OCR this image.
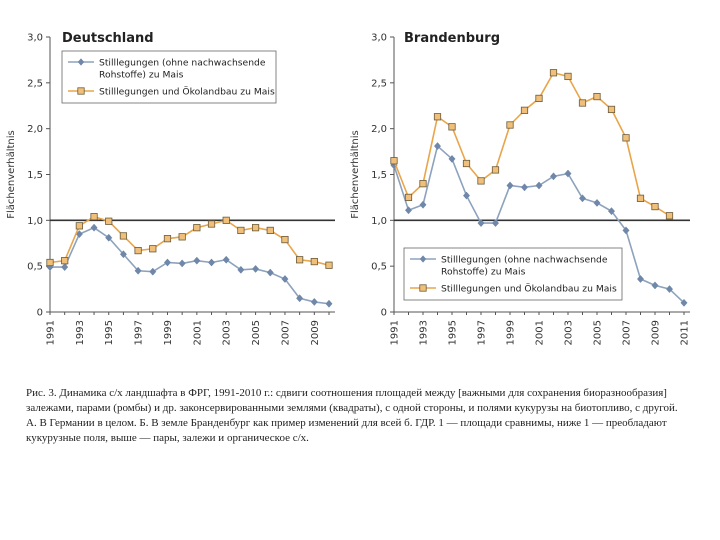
0
0,5
1,0
1,5
2,0
2,5
3,0
1991 1993 1995 1997 1999 2001 2003 2005 2007 2009
Deutschland
Flächenverhältnis
Stilllegungen (ohne nachwachsende Rohstoffe) zu Mais
Stilllegungen und Ökolandbau zu Mais
0
0,5
1,0
1,5
2,0
2,5
3,0
1991 1993 1995 1997 1999 2001 2003 2005 2007 2009 2011
Brandenburg
Flächenverhältnis
Stilllegungen (ohne nachwachsende Rohstoffe) zu Mais
Stilllegungen und Ökolandbau zu Mais

Рис. 3. Динамика с/х ландшафта в ФРГ, 1991-2010 г.: сдвиги соотношения площадей между [важными для сохранения биоразнообразия] залежами, парами (ромбы) и др. законсервированными землями (квадраты), с одной стороны, и полями кукурузы на биотопливо, с другой.

А. В Германии в целом. Б. В земле Бранденбург как пример изменений для всей б. ГДР. 1 — площади сравнимы, ниже 1 — преобладают кукурузные поля, выше — пары, залежи и органическое с/х.
